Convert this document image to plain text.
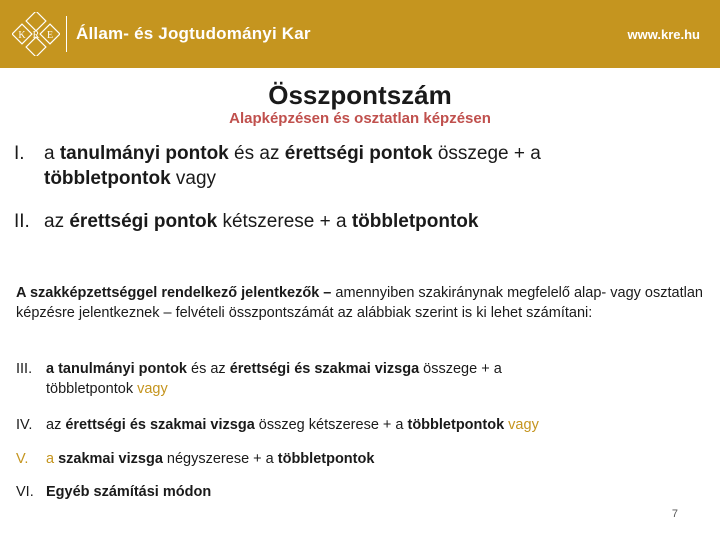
K R E Állam- és Jogtudományi Kar	www.kre.hu
Összpontszám
Alapképzésen és osztatlan képzésen
I. a tanulmányi pontok és az érettségi pontok összege + a
többletpontok vagy
II. az érettségi pontok kétszerese + a többletpontok
A szakképzettséggel rendelkező jelentkezők – amennyiben szakiránynak megfelelő alap- vagy osztatlan képzésre jelentkeznek – felvételi összpontszámát az alábbiak szerint is ki lehet számítani:
III. a tanulmányi pontok és az érettségi és szakmai vizsga összege + a
többletpontok vagy
IV. az érettségi és szakmai vizsga összeg kétszerese + a többletpontok vagy
V. a szakmai vizsga négyszerese + a többletpontok
VI. Egyéb számítási módon
7
